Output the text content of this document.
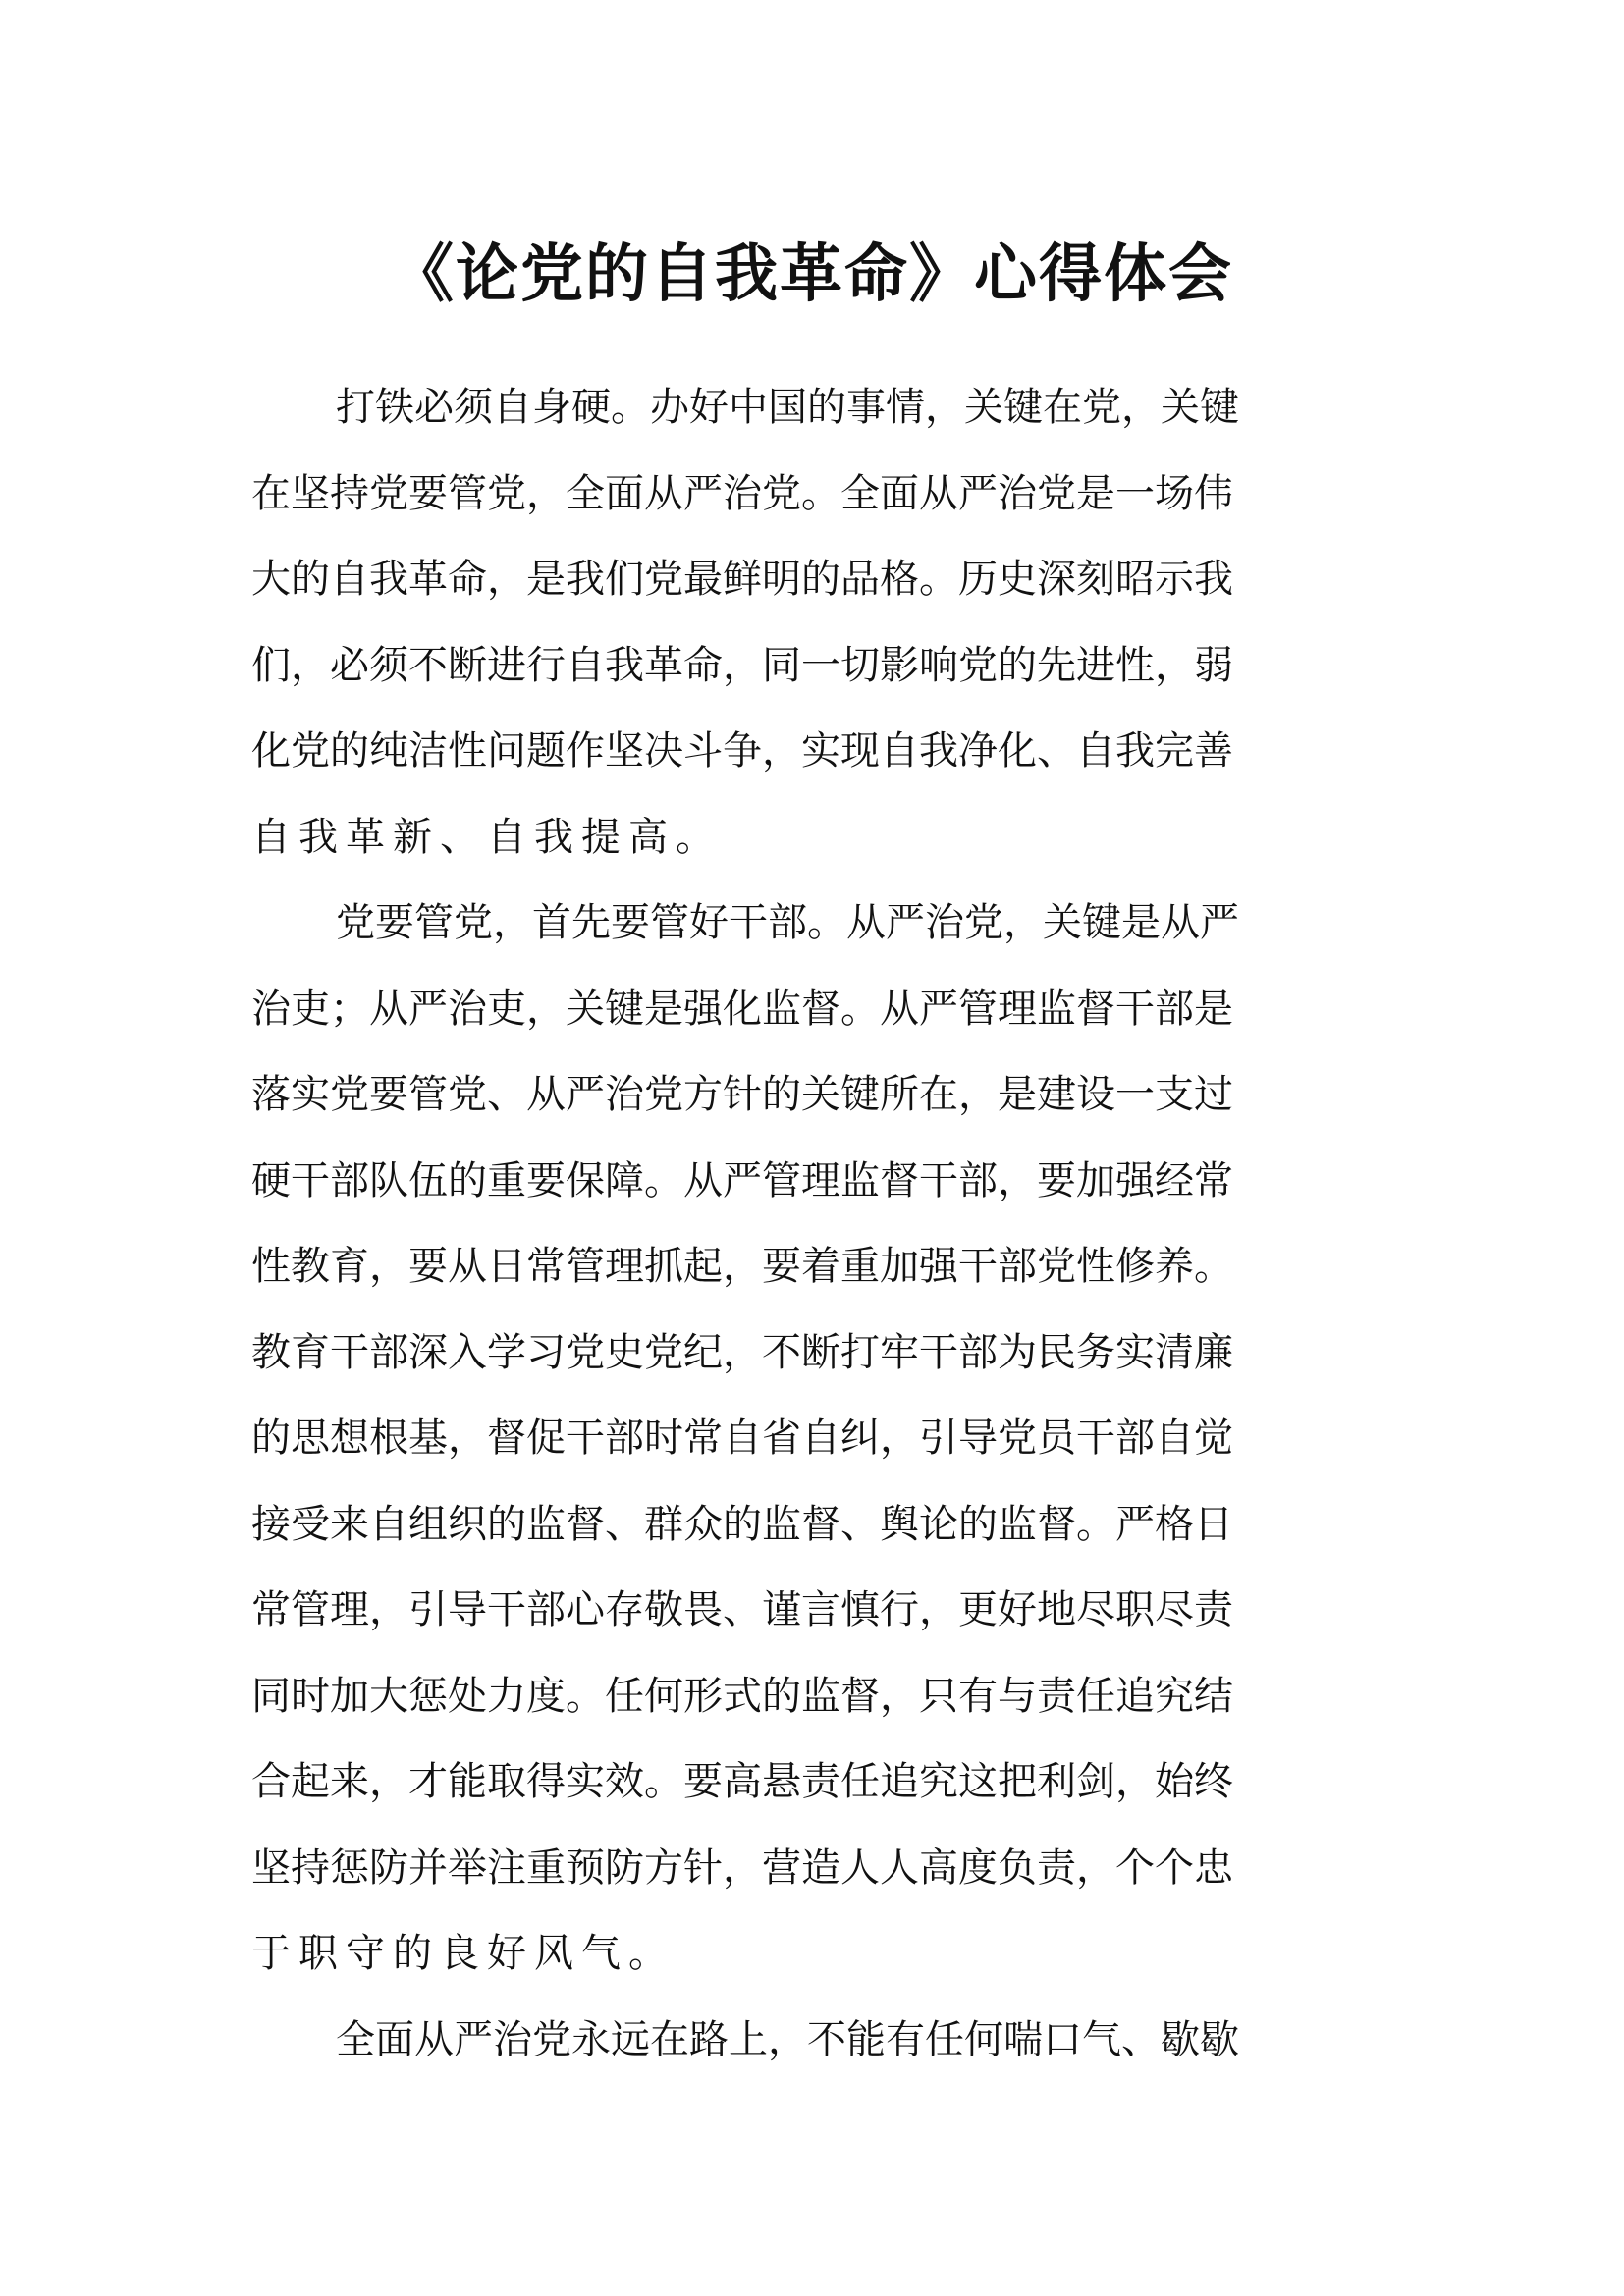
《论党的自我革命》心得体会
打铁必须自身硬。办好中国的事情，关键在党，关键
在坚持党要管党，全面从严治党。全面从严治党是一场伟
大的自我革命，是我们党最鲜明的品格。历史深刻昭示我
们，必须不断进行自我革命，同一切影响党的先进性，弱
化党的纯洁性问题作坚决斗争，实现自我净化、自我完善
自我革新、自我提高。
党要管党，首先要管好干部。从严治党，关键是从严
治吏；从严治吏，关键是强化监督。从严管理监督干部是
落实党要管党、从严治党方针的关键所在，是建设一支过
硬干部队伍的重要保障。从严管理监督干部，要加强经常
性教育，要从日常管理抓起，要着重加强干部党性修养。
教育干部深入学习党史党纪，不断打牢干部为民务实清廉
的思想根基，督促干部时常自省自纠，引导党员干部自觉
接受来自组织的监督、群众的监督、舆论的监督。严格日
常管理，引导干部心存敬畏、谨言慎行，更好地尽职尽责
同时加大惩处力度。任何形式的监督，只有与责任追究结
合起来，才能取得实效。要高悬责任追究这把利剑，始终
坚持惩防并举注重预防方针，营造人人高度负责，个个忠
于职守的良好风气。
全面从严治党永远在路上，不能有任何喘口气、歇歇
